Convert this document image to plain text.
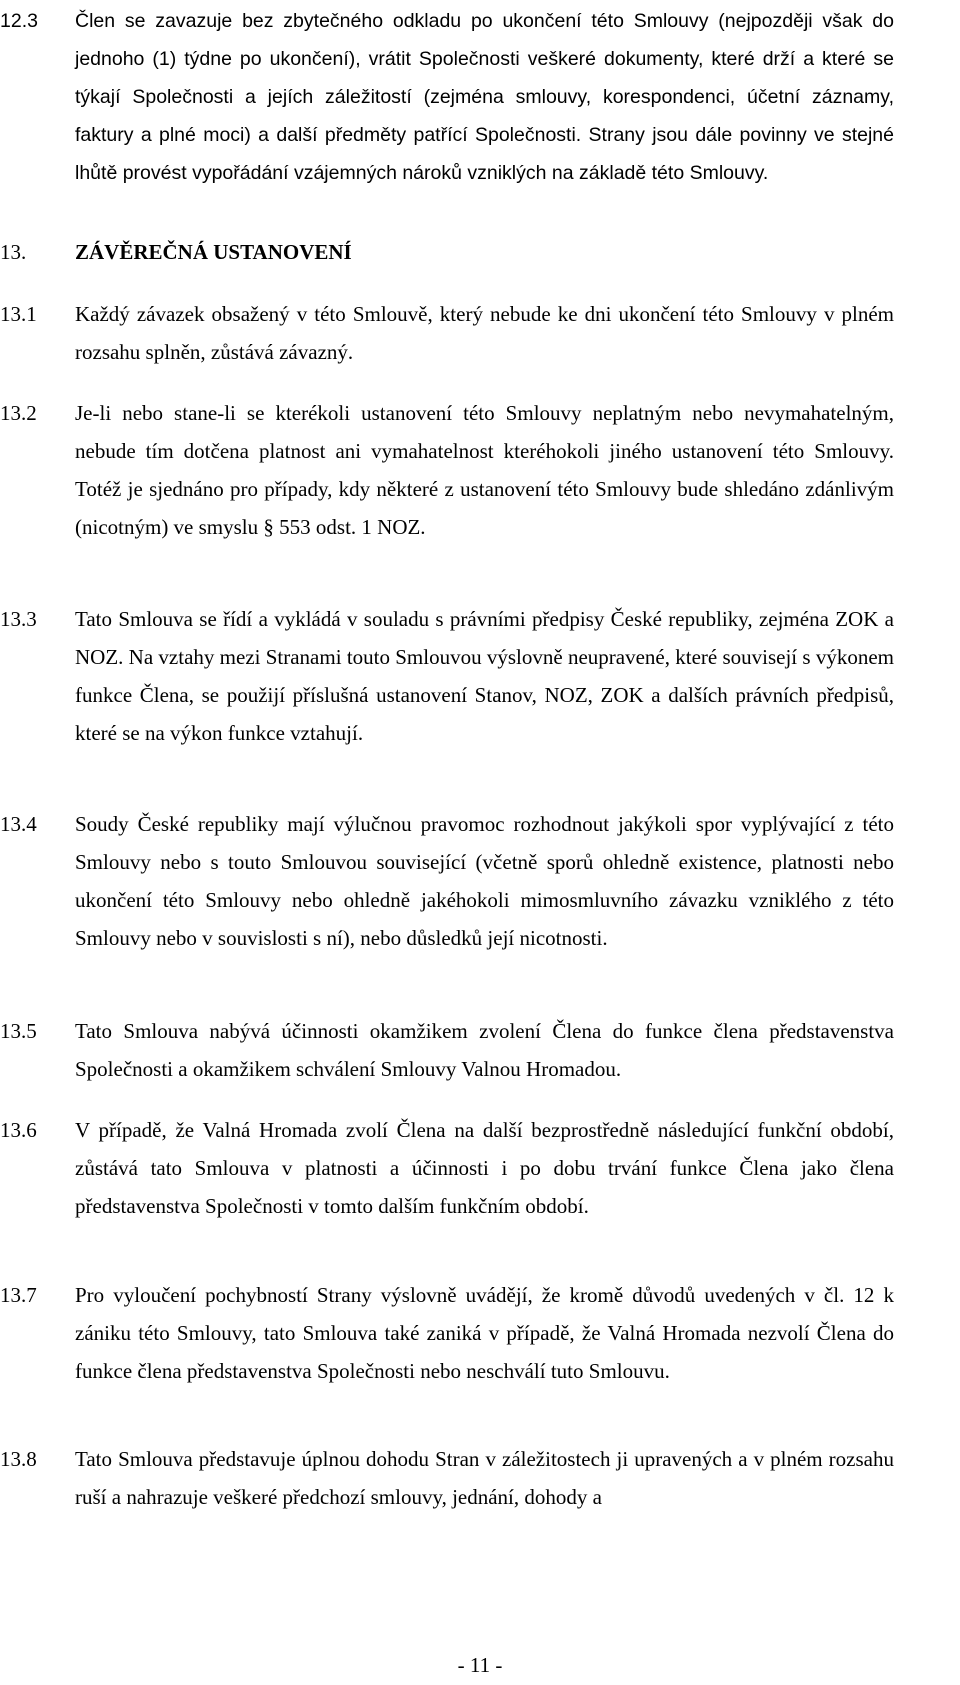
12.3 Člen se zavazuje bez zbytečného odkladu po ukončení této Smlouvy (nejpozději však do jednoho (1) týdne po ukončení), vrátit Společnosti veškeré dokumenty, které drží a které se týkají Společnosti a jejích záležitostí (zejména smlouvy, korespondenci, účetní záznamy, faktury a plné moci) a další předměty patřící Společnosti. Strany jsou dále povinny ve stejné lhůtě provést vypořádání vzájemných nároků vzniklých na základě této Smlouvy.
13. ZÁVĚREČNÁ USTANOVENÍ
13.1 Každý závazek obsažený v této Smlouvě, který nebude ke dni ukončení této Smlouvy v plném rozsahu splněn, zůstává závazný.
13.2 Je-li nebo stane-li se kterékoli ustanovení této Smlouvy neplatným nebo nevymahatelným, nebude tím dotčena platnost ani vymahatelnost kteréhokoli jiného ustanovení této Smlouvy. Totéž je sjednáno pro případy, kdy některé z ustanovení této Smlouvy bude shledáno zdánlivým (nicotným) ve smyslu § 553 odst. 1 NOZ.
13.3 Tato Smlouva se řídí a vykládá v souladu s právními předpisy České republiky, zejména ZOK a NOZ. Na vztahy mezi Stranami touto Smlouvou výslovně neupravené, které souvisejí s výkonem funkce Člena, se použijí příslušná ustanovení Stanov, NOZ, ZOK a dalších právních předpisů, které se na výkon funkce vztahují.
13.4 Soudy České republiky mají výlučnou pravomoc rozhodnout jakýkoli spor vyplývající z této Smlouvy nebo s touto Smlouvou související (včetně sporů ohledně existence, platnosti nebo ukončení této Smlouvy nebo ohledně jakéhokoli mimosmluvního závazku vzniklého z této Smlouvy nebo v souvislosti s ní), nebo důsledků její nicotnosti.
13.5 Tato Smlouva nabývá účinnosti okamžikem zvolení Člena do funkce člena představenstva Společnosti a okamžikem schválení Smlouvy Valnou Hromadou.
13.6 V případě, že Valná Hromada zvolí Člena na další bezprostředně následující funkční období, zůstává tato Smlouva v platnosti a účinnosti i po dobu trvání funkce Člena jako člena představenstva Společnosti v tomto dalším funkčním období.
13.7 Pro vyloučení pochybností Strany výslovně uvádějí, že kromě důvodů uvedených v čl. 12 k zániku této Smlouvy, tato Smlouva také zaniká v případě, že Valná Hromada nezvolí Člena do funkce člena představenstva Společnosti nebo neschválí tuto Smlouvu.
13.8 Tato Smlouva představuje úplnou dohodu Stran v záležitostech ji upravených a v plném rozsahu ruší a nahrazuje veškeré předchozí smlouvy, jednání, dohody a
- 11 -
